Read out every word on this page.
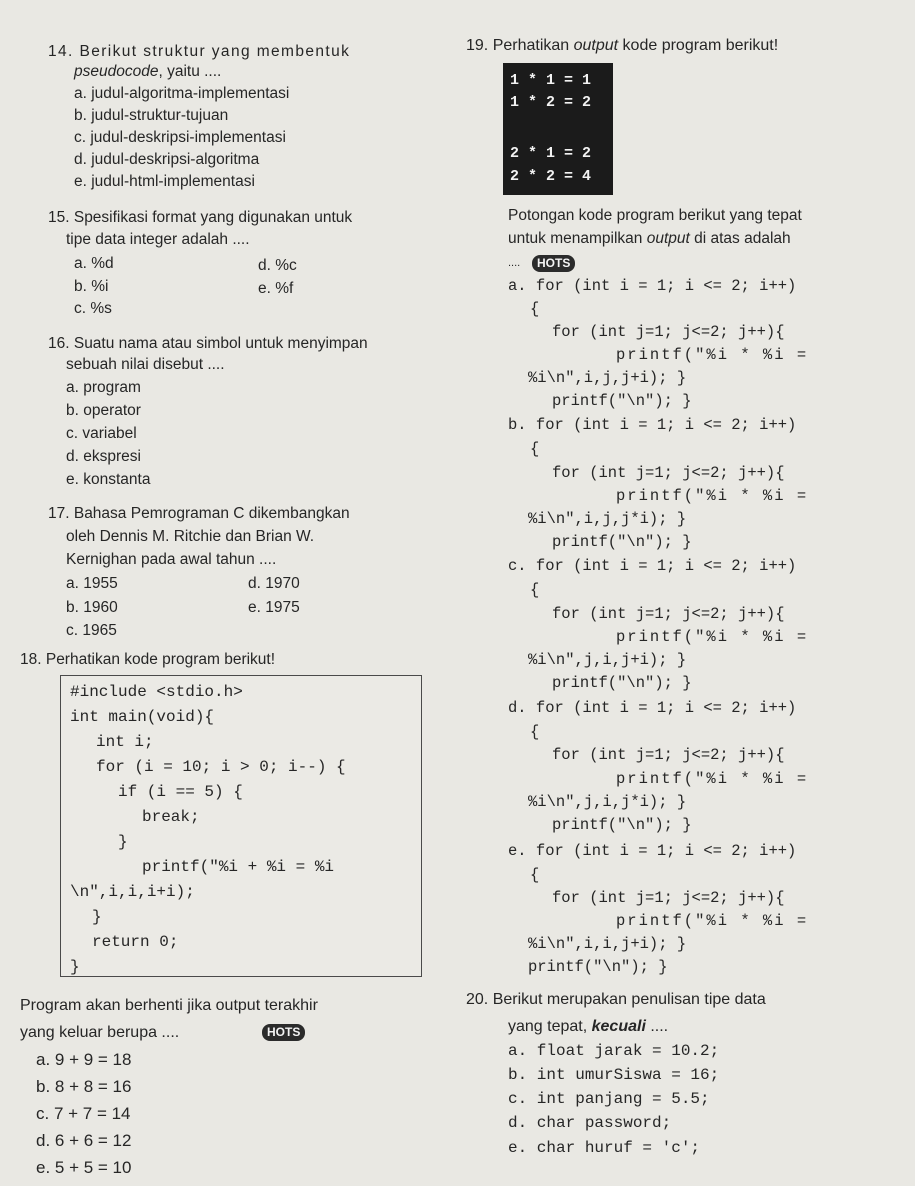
14. Berikut struktur yang membentuk
pseudocode, yaitu ....
a. judul-algoritma-implementasi
b. judul-struktur-tujuan
c. judul-deskripsi-implementasi
d. judul-deskripsi-algoritma
e. judul-html-implementasi
15. Spesifikasi format yang digunakan untuk
tipe data integer adalah ....
a. %d	d. %c
b. %i	e. %f
c. %s
16. Suatu nama atau simbol untuk menyimpan
sebuah nilai disebut ....
a. program
b. operator
c. variabel
d. ekspresi
e. konstanta
17. Bahasa Pemrograman C dikembangkan
oleh Dennis M. Ritchie dan Brian W.
Kernighan pada awal tahun ....
a. 1955	d. 1970
b. 1960	e. 1975
c. 1965
18. Perhatikan kode program berikut!
#include <stdio.h>
int main(void){
int i;
for (i = 10; i > 0; i--) {
if (i == 5) {
break;
}
printf("%i + %i = %i
\n",i,i,i+i);
}
return 0;
}
Program akan berhenti jika output terakhir
yang keluar berupa ....	HOTS
a. 9 + 9 = 18
b. 8 + 8 = 16
c. 7 + 7 = 14
d. 6 + 6 = 12
e. 5 + 5 = 10
19. Perhatikan output kode program berikut!
1 * 1 = 1
1 * 2 = 2
2 * 1 = 2
2 * 2 = 4
Potongan kode program berikut yang tepat
untuk menampilkan output di atas adalah
....	HOTS
a. for (int i = 1; i <= 2; i++)
{
for (int j=1; j<=2; j++){
printf("%i * %i =
%i\n",i,j,j+i); }
printf("\n"); }
b. for (int i = 1; i <= 2; i++)
{
for (int j=1; j<=2; j++){
printf("%i * %i =
%i\n",i,j,j*i); }
printf("\n"); }
c. for (int i = 1; i <= 2; i++)
{
for (int j=1; j<=2; j++){
printf("%i * %i =
%i\n",j,i,j+i); }
printf("\n"); }
d. for (int i = 1; i <= 2; i++)
{
for (int j=1; j<=2; j++){
printf("%i * %i =
%i\n",j,i,j*i); }
printf("\n"); }
e. for (int i = 1; i <= 2; i++)
{
for (int j=1; j<=2; j++){
printf("%i * %i =
%i\n",i,i,j+i); }
printf("\n"); }
20. Berikut merupakan penulisan tipe data
yang tepat, kecuali ....
a. float jarak = 10.2;
b. int umurSiswa = 16;
c. int panjang = 5.5;
d. char password;
e. char huruf = 'c';
